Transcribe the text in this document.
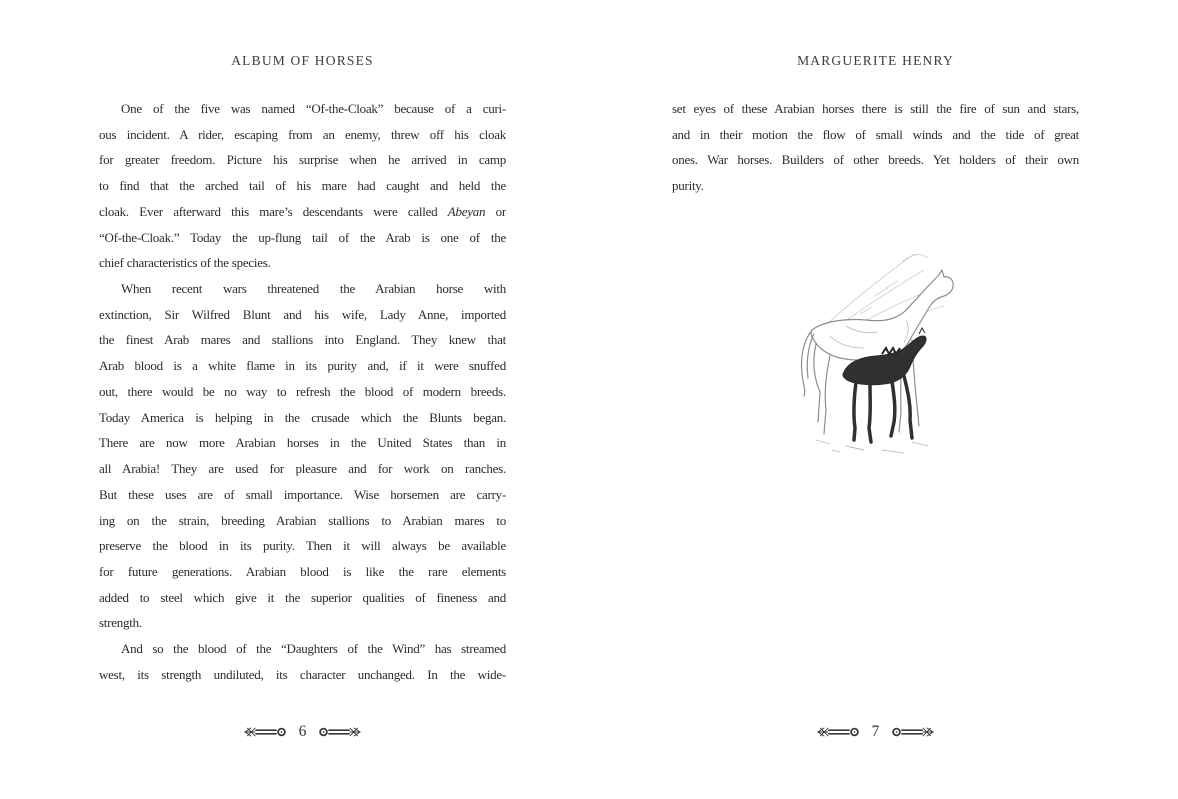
ALBUM OF HORSES	MARGUERITE HENRY
One of the five was named “Of-the-Cloak” because of a curi-
ous incident. A rider, escaping from an enemy, threw off his cloak
for greater freedom. Picture his surprise when he arrived in camp
to find that the arched tail of his mare had caught and held the
cloak. Ever afterward this mare’s descendants were called Abeyan or
“Of-the-Cloak.” Today the up-flung tail of the Arab is one of the
chief characteristics of the species.
When recent wars threatened the Arabian horse with
extinction, Sir Wilfred Blunt and his wife, Lady Anne, imported
the finest Arab mares and stallions into England. They knew that
Arab blood is a white flame in its purity and, if it were snuffed
out, there would be no way to refresh the blood of modern breeds.
Today America is helping in the crusade which the Blunts began.
There are now more Arabian horses in the United States than in
all Arabia! They are used for pleasure and for work on ranches.
But these uses are of small importance. Wise horsemen are carry-
ing on the strain, breeding Arabian stallions to Arabian mares to
preserve the blood in its purity. Then it will always be available
for future generations. Arabian blood is like the rare elements
added to steel which give it the superior qualities of fineness and
strength.
And so the blood of the “Daughters of the Wind” has streamed
west, its strength undiluted, its character unchanged. In the wide-
set eyes of these Arabian horses there is still the fire of sun and stars,
and in their motion the flow of small winds and the tide of great
ones. War horses. Builders of other breeds. Yet holders of their own
purity.
6	7
